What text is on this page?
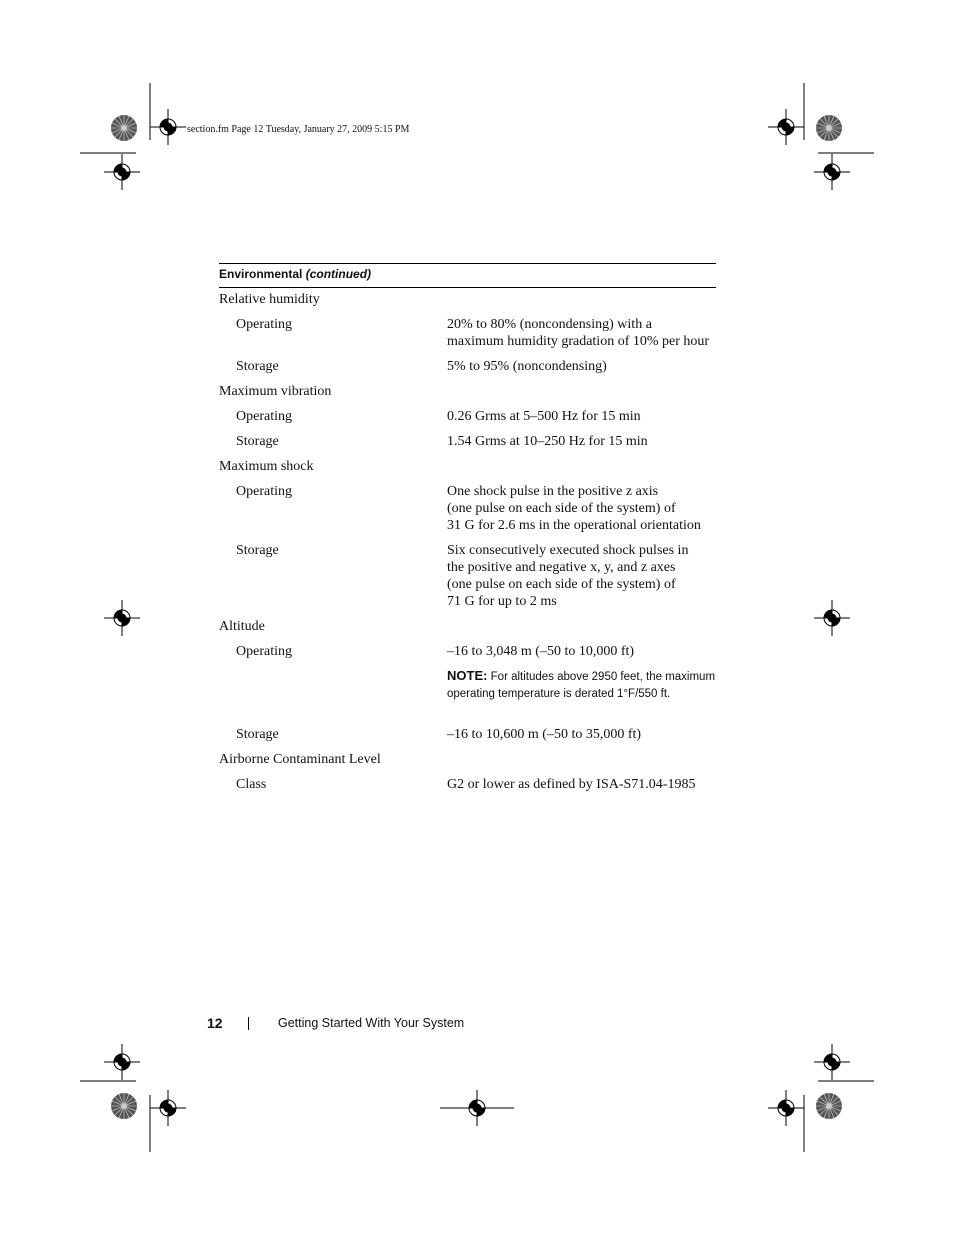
section.fm Page 12 Tuesday, January 27, 2009 5:15 PM
Environmental (continued)
Relative humidity
Operating	20% to 80% (noncondensing) with a
maximum humidity gradation of 10% per hour
Storage	5% to 95% (noncondensing)
Maximum vibration
Operating	0.26 Grms at 5–500 Hz for 15 min
Storage	1.54 Grms at 10–250 Hz for 15 min
Maximum shock
Operating	One shock pulse in the positive z axis
(one pulse on each side of the system) of
31 G for 2.6 ms in the operational orientation
Storage	Six consecutively executed shock pulses in
the positive and negative x, y, and z axes
(one pulse on each side of the system) of
71 G for up to 2 ms
Altitude
Operating	–16 to 3,048 m (–50 to 10,000 ft)
NOTE: For altitudes above 2950 feet, the maximum operating temperature is derated 1°F/550 ft.
Storage	–16 to 10,600 m (–50 to 35,000 ft)
Airborne Contaminant Level
Class	G2 or lower as defined by ISA-S71.04-1985
12	Getting Started With Your System
